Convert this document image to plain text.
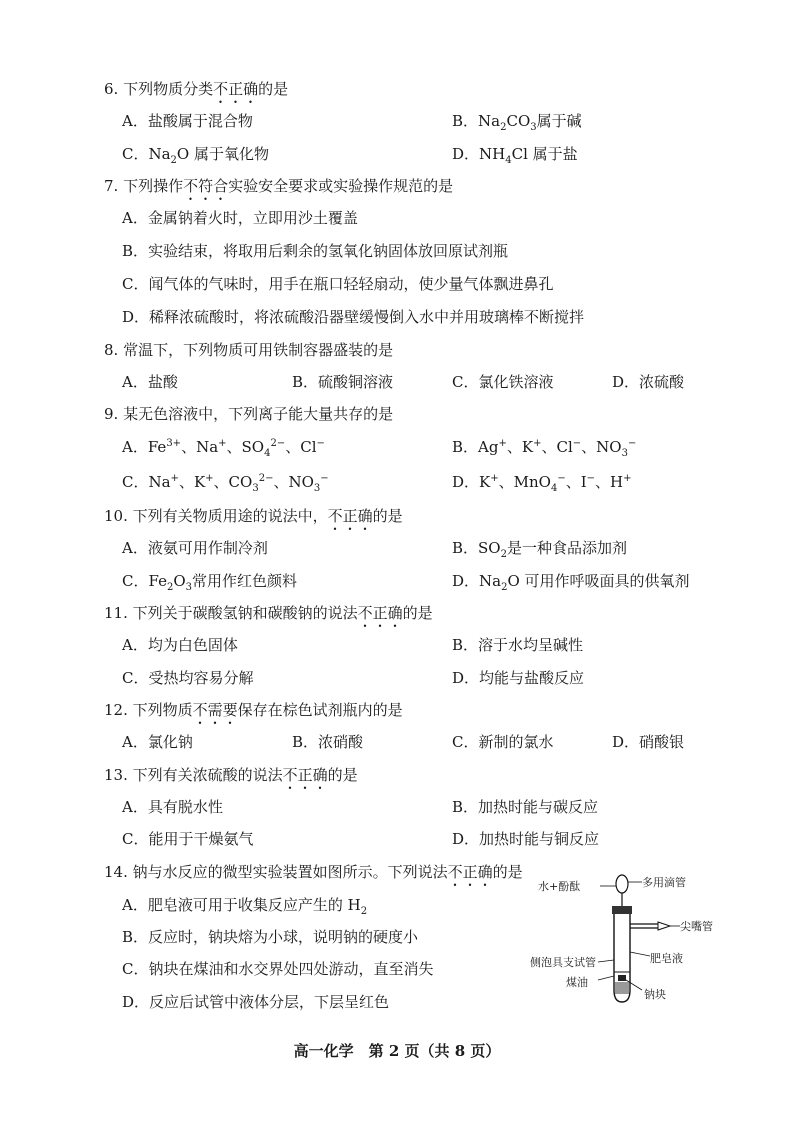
6. 下列物质分类不正确的是
A．盐酸属于混合物	B．$Na_2CO_3$属于碱
C．$Na_2O$ 属于氧化物	D．$NH_4Cl$ 属于盐
7. 下列操作不符合实验安全要求或实验操作规范的是
A．金属钠着火时，立即用沙土覆盖
B．实验结束，将取用后剩余的氢氧化钠固体放回原试剂瓶
C．闻气体的气味时，用手在瓶口轻轻扇动，使少量气体飘进鼻孔
D．稀释浓硫酸时，将浓硫酸沿器壁缓慢倒入水中并用玻璃棒不断搅拌
8. 常温下，下列物质可用铁制容器盛装的是
A．盐酸	B．硫酸铜溶液	C．氯化铁溶液	D．浓硫酸
9. 某无色溶液中，下列离子能大量共存的是
A．$Fe^{3+}$、Na+、$SO_4^{2-}$、Cl−	B．Ag+、K+、Cl−、$NO_3^-$
C．Na+、K+、$CO_3^{2-}$、$NO_3^-$	D．K+、MnO$_4$−、I−、H+
10. 下列有关物质用途的说法中，不正确的是
A．液氨可用作制冷剂	B．$SO_2$是一种食品添加剂
C．$Fe_2O_3$常用作红色颜料	D．$Na_2O$ 可用作呼吸面具的供氧剂
11. 下列关于碳酸氢钠和碳酸钠的说法不正确的是
A．均为白色固体	B．溶于水均呈碱性
C．受热均容易分解	D．均能与盐酸反应
12. 下列物质不需要保存在棕色试剂瓶内的是
A．氯化钠	B．浓硝酸	C．新制的氯水	D．硝酸银
13. 下列有关浓硫酸的说法不正确的是
A．具有脱水性	B．加热时能与碳反应
C．能用于干燥氨气	D．加热时能与铜反应
14. 钠与水反应的微型实验装置如图所示。下列说法不正确的是
A．肥皂液可用于收集反应产生的 $H_2$
B．反应时，钠块熔为小球，说明钠的硬度小
C．钠块在煤油和水交界处四处游动，直至消失
D．反应后试管中液体分层，下层呈红色
多用滴管
水+酚酞
尖嘴管
肥皂液
侧泡具支试管
煤油
钠块
高一化学　第 2 页（共 8 页）
